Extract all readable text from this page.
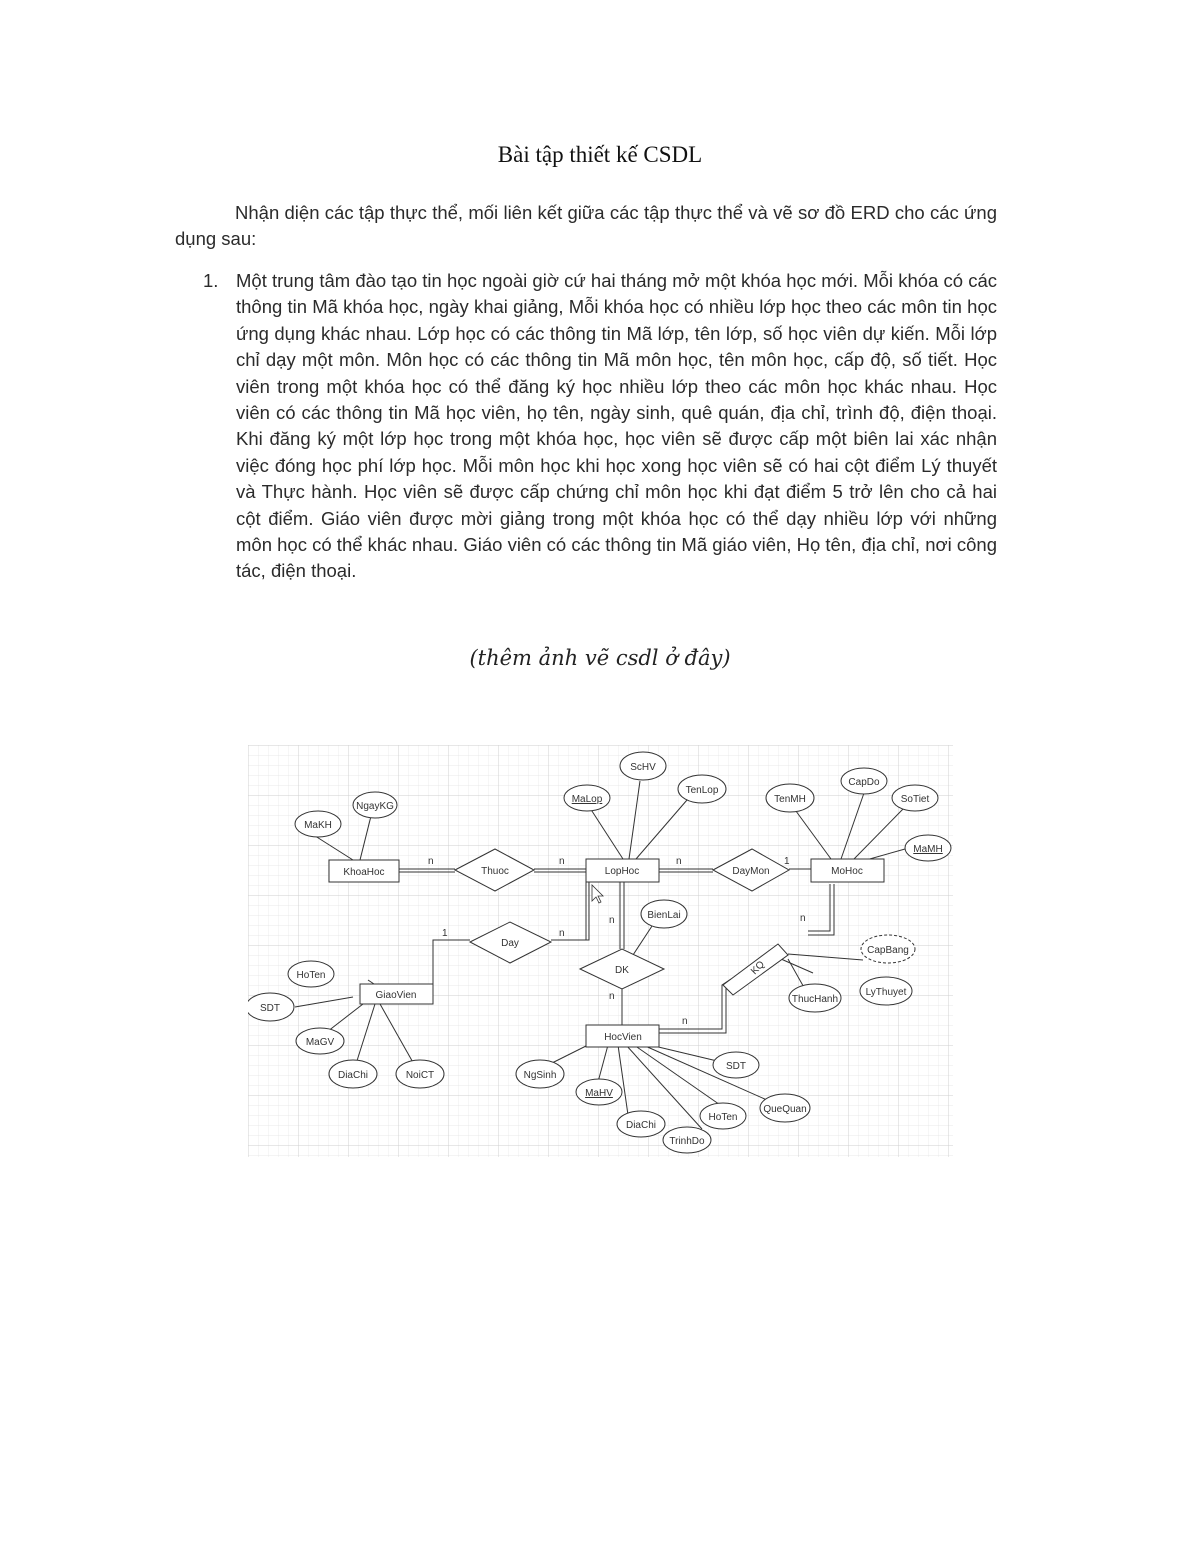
Bài tập thiết kế CSDL

Nhận diện các tập thực thể, mối liên kết giữa các tập thực thể và vẽ sơ đồ ERD cho các ứng dụng sau:

1. Một trung tâm đào tạo tin học ngoài giờ cứ hai tháng mở một khóa học mới. Mỗi khóa có các thông tin Mã khóa học, ngày khai giảng, Mỗi khóa học có nhiều lớp học theo các môn tin học ứng dụng khác nhau. Lớp học có các thông tin Mã lớp, tên lớp, số học viên dự kiến. Mỗi lớp chỉ dạy một môn. Môn học có các thông tin Mã môn học, tên môn học, cấp độ, số tiết. Học viên trong một khóa học có thể đăng ký học nhiều lớp theo các môn học khác nhau. Học viên có các thông tin Mã học viên, họ tên, ngày sinh, quê quán, địa chỉ, trình độ, điện thoại. Khi đăng ký một lớp học trong một khóa học, học viên sẽ được cấp một biên lai xác nhận việc đóng học phí lớp học. Mỗi môn học khi học xong học viên sẽ có hai cột điểm Lý thuyết và Thực hành. Học viên sẽ được cấp chứng chỉ môn học khi đạt điểm 5 trở lên cho cả hai cột điểm. Giáo viên được mời giảng trong một khóa học có thể dạy nhiều lớp với những môn học có thể khác nhau. Giáo viên có các thông tin Mã giáo viên, Họ tên, địa chỉ, nơi công tác, điện thoại.

(thêm ảnh vẽ csdl ở đây)
KhoaHoc	LopHoc	MoHoc
GiaoVien
HocVien
Thuoc	DayMon
Day
DK	KQ
MaKH
NgayKG
MaLop
ScHV
TenLop
TenMH
CapDo
SoTiet
MaMH
BienLai
CapBang
LyThuyet
ThucHanh
HoTen
SDT
MaGV
DiaChi	NoiCT	NgSinh
MaHV
DiaChi
TrinhDo
HoTen
QueQuan
SDT
n	n	n	1
1	n
n
n
n
n
